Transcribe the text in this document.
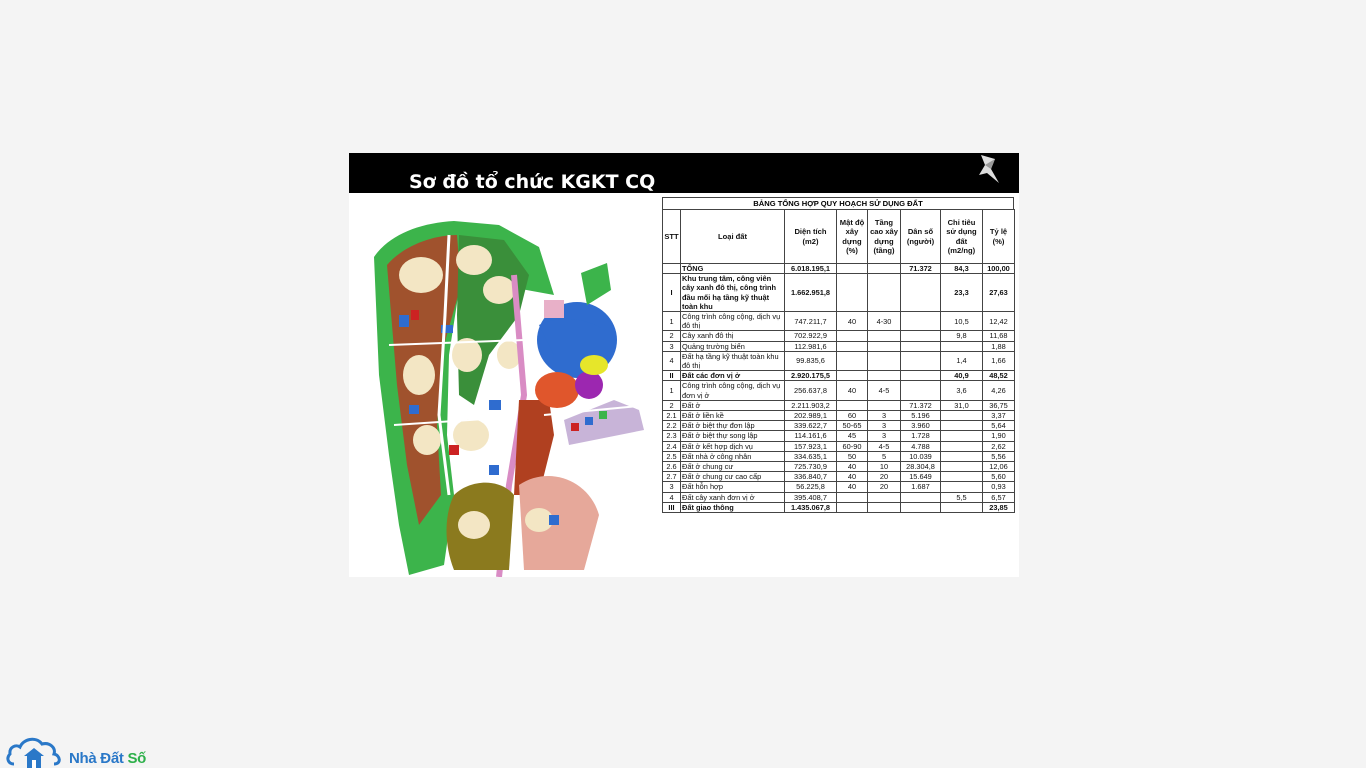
Sơ đồ tổ chức KGKT CQ
BẢNG TỔNG HỢP QUY HOẠCH SỬ DỤNG ĐẤT
STT	Loại đất	Diện tích (m2)	Mật độ xây dựng (%)	Tầng cao xây dựng (tầng)	Dân số (người)	Chỉ tiêu sử dụng đất (m2/ng)	Tỷ lệ (%)
	TỔNG	6.018.195,1			71.372	84,3	100,00
I	Khu trung tâm, công viên cây xanh đô thị, công trình đầu mối hạ tầng kỹ thuật toàn khu	1.662.951,8				23,3	27,63
1	Công trình công cộng, dịch vụ đô thị	747.211,7	40	4-30		10,5	12,42
2	Cây xanh đô thị	702.922,9				9,8	11,68
3	Quảng trường biển	112.981,6					1,88
4	Đất hạ tầng kỹ thuật toàn khu đô thị	99.835,6				1,4	1,66
II	Đất các đơn vị ở	2.920.175,5				40,9	48,52
1	Công trình công cộng, dịch vụ đơn vị ở	256.637,8	40	4-5		3,6	4,26
2	Đất ở	2.211.903,2			71.372	31,0	36,75
2.1	Đất ở liền kề	202.989,1	60	3	5.196		3,37
2.2	Đất ở biệt thự đơn lập	339.622,7	50-65	3	3.960		5,64
2.3	Đất ở biệt thự song lập	114.161,6	45	3	1.728		1,90
2.4	Đất ở kết hợp dịch vụ	157.923,1	60-90	4-5	4.788		2,62
2.5	Đất nhà ở công nhân	334.635,1	50	5	10.039		5,56
2.6	Đất ở chung cư	725.730,9	40	10	28.304,8		12,06
2.7	Đất ở chung cư cao cấp	336.840,7	40	20	15.649		5,60
3	Đất hỗn hợp	56.225,8	40	20	1.687		0,93
4	Đất cây xanh đơn vị ở	395.408,7				5,5	6,57
III	Đất giao thông	1.435.067,8					23,85
Nhà Đất Số
